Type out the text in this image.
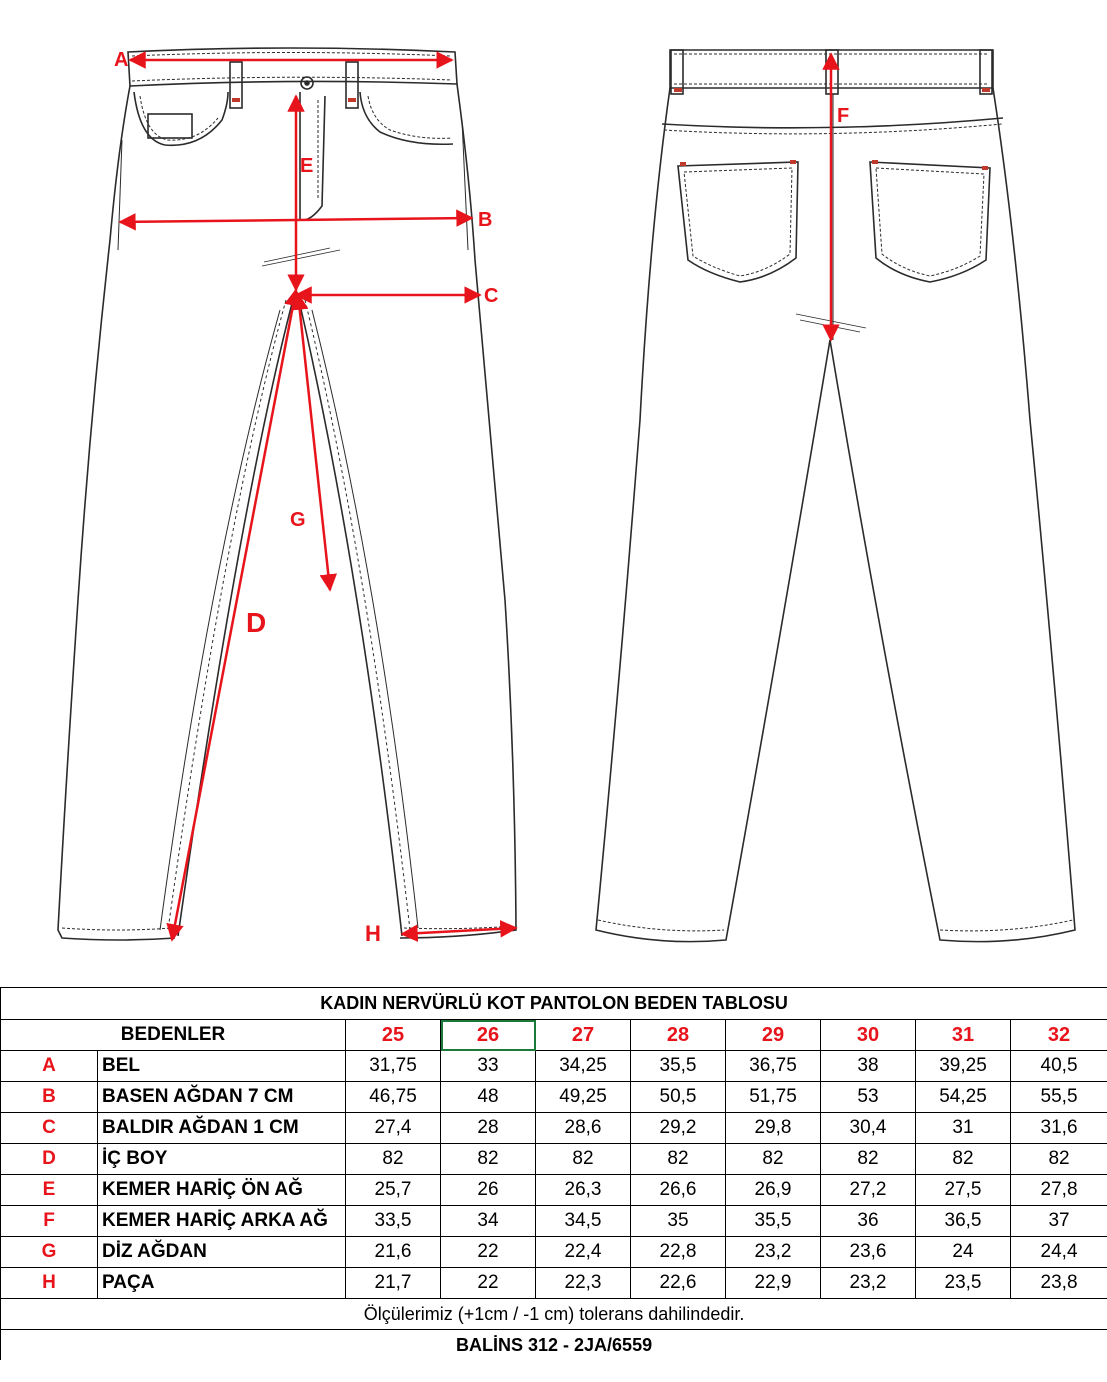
A
B
C
D
E
F
G
H
KADIN NERVÜRLÜ KOT PANTOLON BEDEN TABLOSU									
BEDENLER		25	26	27	28	29	30	31	32
A	BEL	31,75	33	34,25	35,5	36,75	38	39,25	40,5
B	BASEN AĞDAN 7 CM	46,75	48	49,25	50,5	51,75	53	54,25	55,5
C	BALDIR AĞDAN 1 CM	27,4	28	28,6	29,2	29,8	30,4	31	31,6
D	İÇ BOY	82	82	82	82	82	82	82	82
E	KEMER HARİÇ ÖN AĞ	25,7	26	26,3	26,6	26,9	27,2	27,5	27,8
F	KEMER HARİÇ ARKA AĞ	33,5	34	34,5	35	35,5	36	36,5	37
G	DİZ AĞDAN	21,6	22	22,4	22,8	23,2	23,6	24	24,4
H	PAÇA	21,7	22	22,3	22,6	22,9	23,2	23,5	23,8
Ölçülerimiz (+1cm / -1 cm) tolerans dahilindedir.									
BALİNS 312 - 2JA/6559									
